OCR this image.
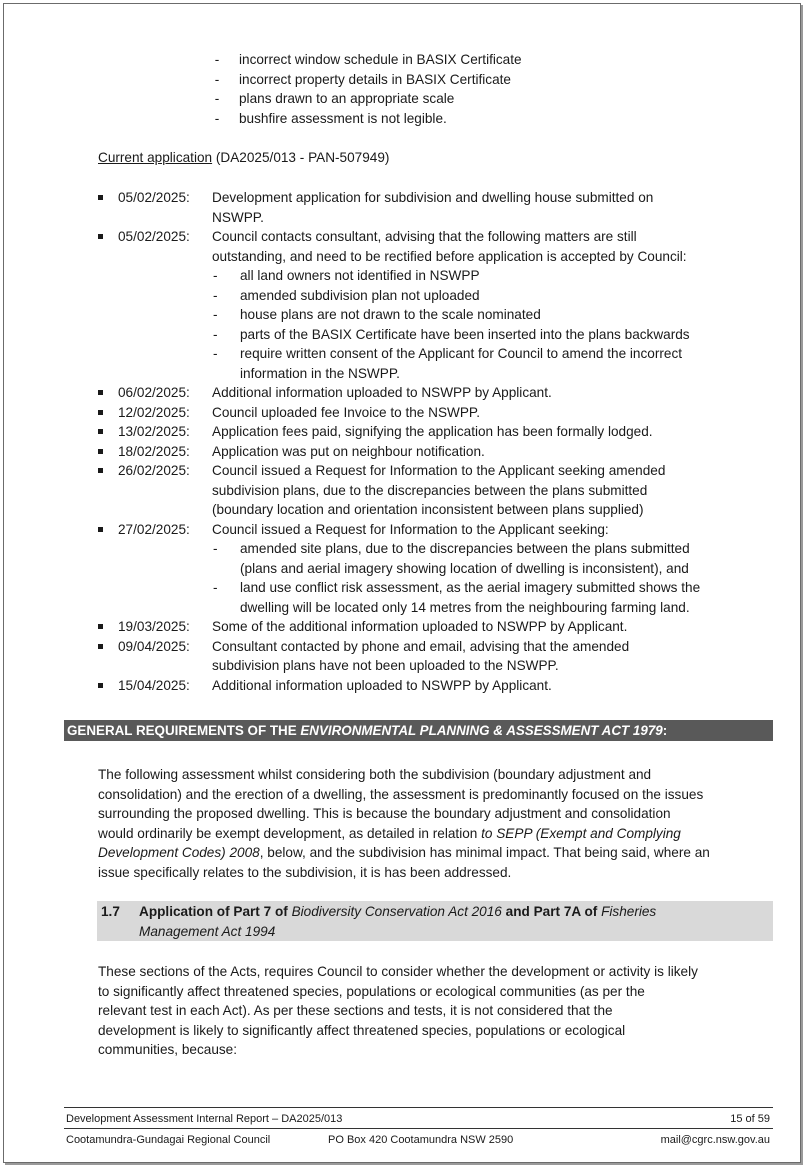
- incorrect window schedule in BASIX Certificate
- incorrect property details in BASIX Certificate
- plans drawn to an appropriate scale
- bushfire assessment is not legible.
Current application (DA2025/013 - PAN-507949)
05/02/2025: Development application for subdivision and dwelling house submitted on
NSWPP.
05/02/2025: Council contacts consultant, advising that the following matters are still
outstanding, and need to be rectified before application is accepted by Council:
- all land owners not identified in NSWPP
- amended subdivision plan not uploaded
- house plans are not drawn to the scale nominated
- parts of the BASIX Certificate have been inserted into the plans backwards
- require written consent of the Applicant for Council to amend the incorrect
information in the NSWPP.
06/02/2025: Additional information uploaded to NSWPP by Applicant.
12/02/2025: Council uploaded fee Invoice to the NSWPP.
13/02/2025: Application fees paid, signifying the application has been formally lodged.
18/02/2025: Application was put on neighbour notification.
26/02/2025: Council issued a Request for Information to the Applicant seeking amended
subdivision plans, due to the discrepancies between the plans submitted
(boundary location and orientation inconsistent between plans supplied)
27/02/2025: Council issued a Request for Information to the Applicant seeking:
- amended site plans, due to the discrepancies between the plans submitted
(plans and aerial imagery showing location of dwelling is inconsistent), and
- land use conflict risk assessment, as the aerial imagery submitted shows the
dwelling will be located only 14 metres from the neighbouring farming land.
19/03/2025: Some of the additional information uploaded to NSWPP by Applicant.
09/04/2025: Consultant contacted by phone and email, advising that the amended
subdivision plans have not been uploaded to the NSWPP.
15/04/2025: Additional information uploaded to NSWPP by Applicant.
GENERAL REQUIREMENTS OF THE ENVIRONMENTAL PLANNING & ASSESSMENT ACT 1979:
The following assessment whilst considering both the subdivision (boundary adjustment and
consolidation) and the erection of a dwelling, the assessment is predominantly focused on the issues
surrounding the proposed dwelling. This is because the boundary adjustment and consolidation
would ordinarily be exempt development, as detailed in relation to SEPP (Exempt and Complying
Development Codes) 2008, below, and the subdivision has minimal impact. That being said, where an
issue specifically relates to the subdivision, it is has been addressed.
1.7 Application of Part 7 of Biodiversity Conservation Act 2016 and Part 7A of Fisheries
Management Act 1994
These sections of the Acts, requires Council to consider whether the development or activity is likely
to significantly affect threatened species, populations or ecological communities (as per the
relevant test in each Act). As per these sections and tests, it is not considered that the
development is likely to significantly affect threatened species, populations or ecological
communities, because:
Development Assessment Internal Report – DA2025/013	15 of 59
Cootamundra-Gundagai Regional Council	PO Box 420 Cootamundra NSW 2590	mail@cgrc.nsw.gov.au
